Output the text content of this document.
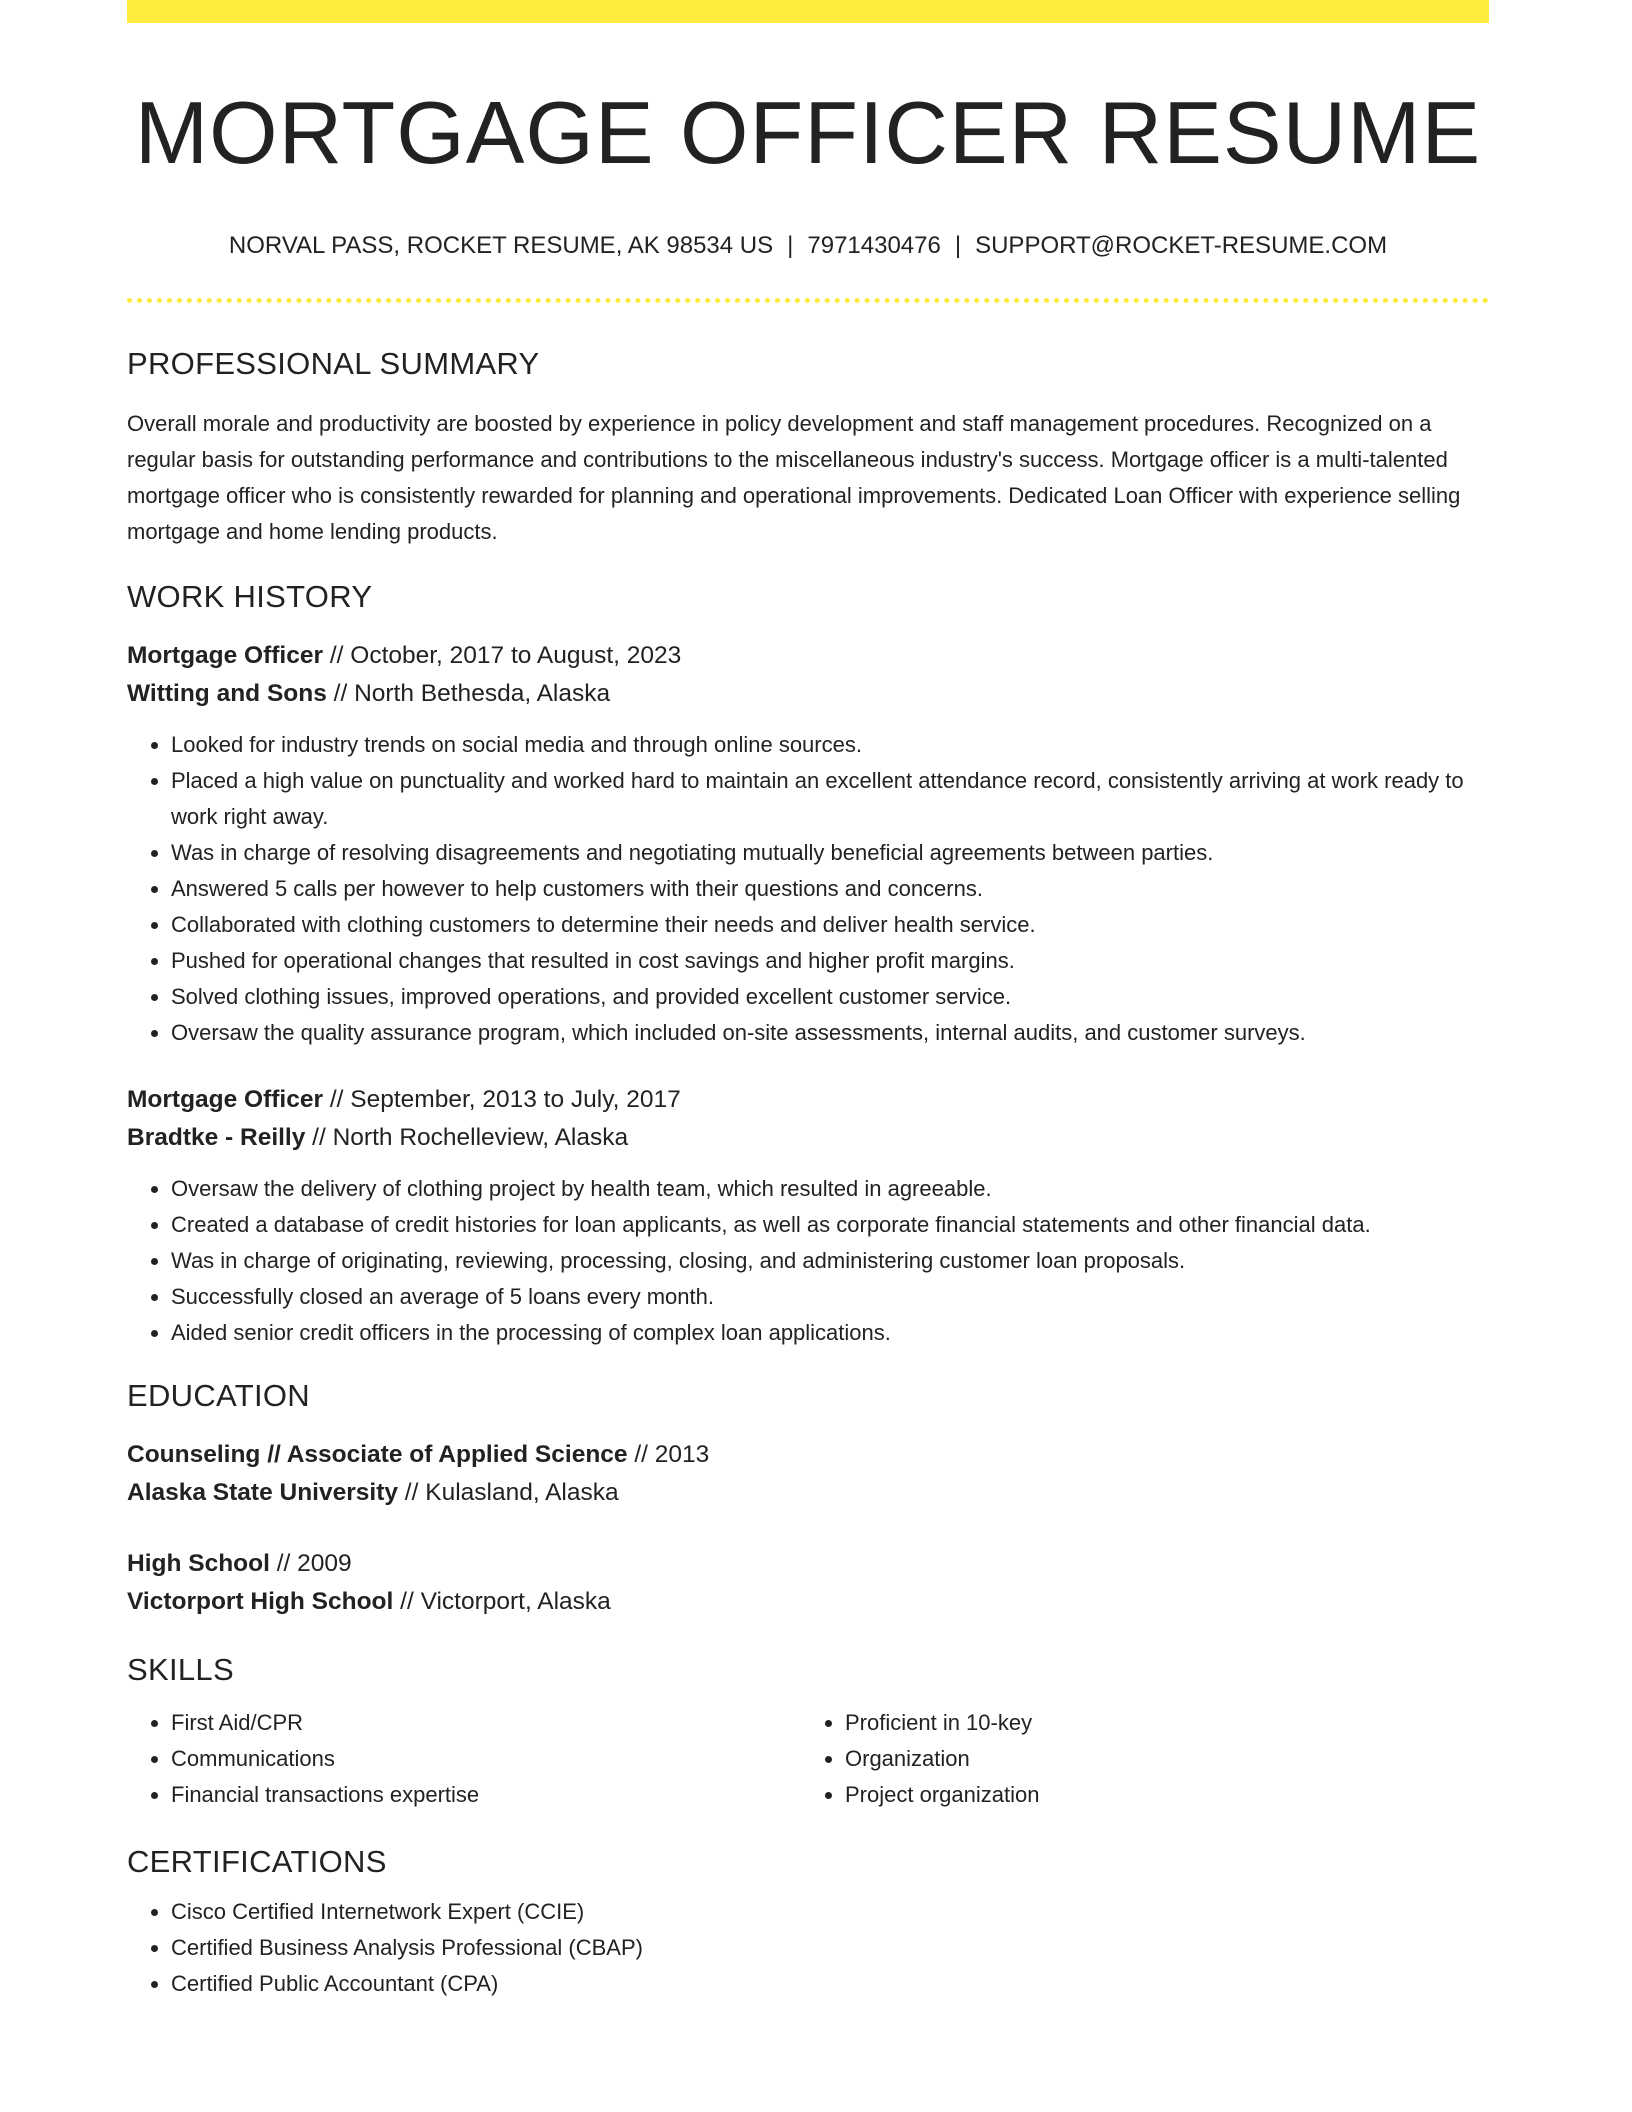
MORTGAGE OFFICER RESUME
NORVAL PASS, ROCKET RESUME, AK 98534 US | 7971430476 | SUPPORT@ROCKET-RESUME.COM
PROFESSIONAL SUMMARY
Overall morale and productivity are boosted by experience in policy development and staff management procedures. Recognized on a regular basis for outstanding performance and contributions to the miscellaneous industry's success. Mortgage officer is a multi-talented mortgage officer who is consistently rewarded for planning and operational improvements. Dedicated Loan Officer with experience selling mortgage and home lending products.
WORK HISTORY
Mortgage Officer // October, 2017 to August, 2023
Witting and Sons // North Bethesda, Alaska
• Looked for industry trends on social media and through online sources.
• Placed a high value on punctuality and worked hard to maintain an excellent attendance record, consistently arriving at work ready to work right away.
• Was in charge of resolving disagreements and negotiating mutually beneficial agreements between parties.
• Answered 5 calls per however to help customers with their questions and concerns.
• Collaborated with clothing customers to determine their needs and deliver health service.
• Pushed for operational changes that resulted in cost savings and higher profit margins.
• Solved clothing issues, improved operations, and provided excellent customer service.
• Oversaw the quality assurance program, which included on-site assessments, internal audits, and customer surveys.
Mortgage Officer // September, 2013 to July, 2017
Bradtke - Reilly // North Rochelleview, Alaska
• Oversaw the delivery of clothing project by health team, which resulted in agreeable.
• Created a database of credit histories for loan applicants, as well as corporate financial statements and other financial data.
• Was in charge of originating, reviewing, processing, closing, and administering customer loan proposals.
• Successfully closed an average of 5 loans every month.
• Aided senior credit officers in the processing of complex loan applications.
EDUCATION
Counseling // Associate of Applied Science // 2013
Alaska State University // Kulasland, Alaska
High School // 2009
Victorport High School // Victorport, Alaska
SKILLS
• First Aid/CPR
• Communications
• Financial transactions expertise
• Proficient in 10-key
• Organization
• Project organization
CERTIFICATIONS
• Cisco Certified Internetwork Expert (CCIE)
• Certified Business Analysis Professional (CBAP)
• Certified Public Accountant (CPA)
